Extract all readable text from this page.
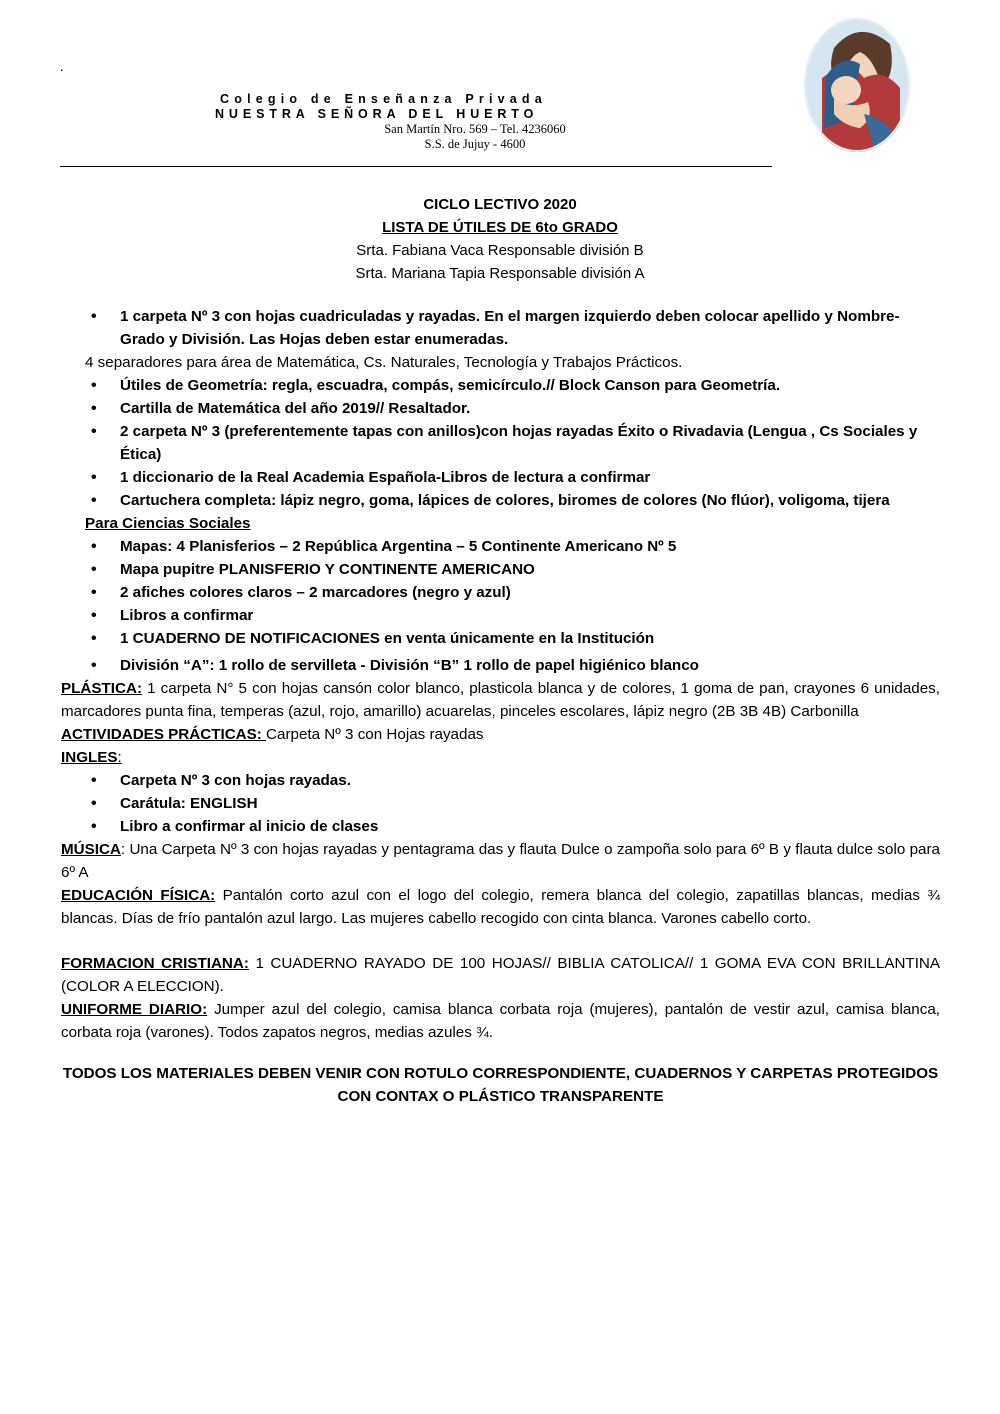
.
Colegio de Enseñanza Privada
NUESTRA SEÑORA DEL HUERTO
San Martín Nro. 569 – Tel. 4236060
S.S. de Jujuy - 4600
CICLO LECTIVO 2020
LISTA DE ÚTILES DE 6to GRADO
Srta. Fabiana Vaca Responsable división B
Srta. Mariana Tapia Responsable división A
• 1 carpeta Nº 3 con hojas cuadriculadas y rayadas. En el margen izquierdo deben colocar apellido y Nombre- Grado y División. Las Hojas deben estar enumeradas.

4 separadores para área de Matemática, Cs. Naturales, Tecnología y Trabajos Prácticos.

• Útiles de Geometría: regla, escuadra, compás, semicírculo.// Block Canson para Geometría.
• Cartilla de Matemática del año 2019// Resaltador.
• 2 carpeta Nº 3 (preferentemente tapas con anillos)con hojas rayadas Éxito o Rivadavia (Lengua , Cs Sociales y Ética)
• 1 diccionario de la Real Academia Española-Libros de lectura a confirmar
• Cartuchera completa: lápiz negro, goma, lápices de colores, biromes de colores (No flúor), voligoma, tijera

Para Ciencias Sociales

• Mapas: 4 Planisferios – 2 República Argentina – 5 Continente Americano Nº 5
• Mapa pupitre PLANISFERIO Y CONTINENTE AMERICANO
• 2 afiches colores claros – 2 marcadores (negro y azul)
• Libros a confirmar
• 1 CUADERNO DE NOTIFICACIONES en venta únicamente en la Institución
• División “A”: 1 rollo de servilleta - División “B” 1 rollo de papel higiénico blanco

PLÁSTICA: 1 carpeta N° 5 con hojas cansón color blanco, plasticola blanca y de colores, 1 goma de pan, crayones 6 unidades, marcadores punta fina, temperas (azul, rojo, amarillo) acuarelas, pinceles escolares, lápiz negro (2B 3B 4B) Carbonilla

ACTIVIDADES PRÁCTICAS: Carpeta Nº 3 con Hojas rayadas

INGLES:

• Carpeta Nº 3 con hojas rayadas.
• Carátula: ENGLISH
• Libro a confirmar al inicio de clases

MÚSICA: Una Carpeta Nº 3 con hojas rayadas y pentagrama das y flauta Dulce o zampoña solo para 6º B y flauta dulce solo para 6º A

EDUCACIÓN FÍSICA: Pantalón corto azul con el logo del colegio, remera blanca del colegio, zapatillas blancas, medias ¾ blancas. Días de frío pantalón azul largo. Las mujeres cabello recogido con cinta blanca. Varones cabello corto.

FORMACION CRISTIANA: 1 CUADERNO RAYADO DE 100 HOJAS// BIBLIA CATOLICA// 1 GOMA EVA CON BRILLANTINA (COLOR A ELECCION).

UNIFORME DIARIO: Jumper azul del colegio, camisa blanca corbata roja (mujeres), pantalón de vestir azul, camisa blanca, corbata roja (varones). Todos zapatos negros, medias azules ¾.

TODOS LOS MATERIALES DEBEN VENIR CON ROTULO CORRESPONDIENTE, CUADERNOS Y CARPETAS PROTEGIDOS
CON CONTAX O PLÁSTICO TRANSPARENTE
